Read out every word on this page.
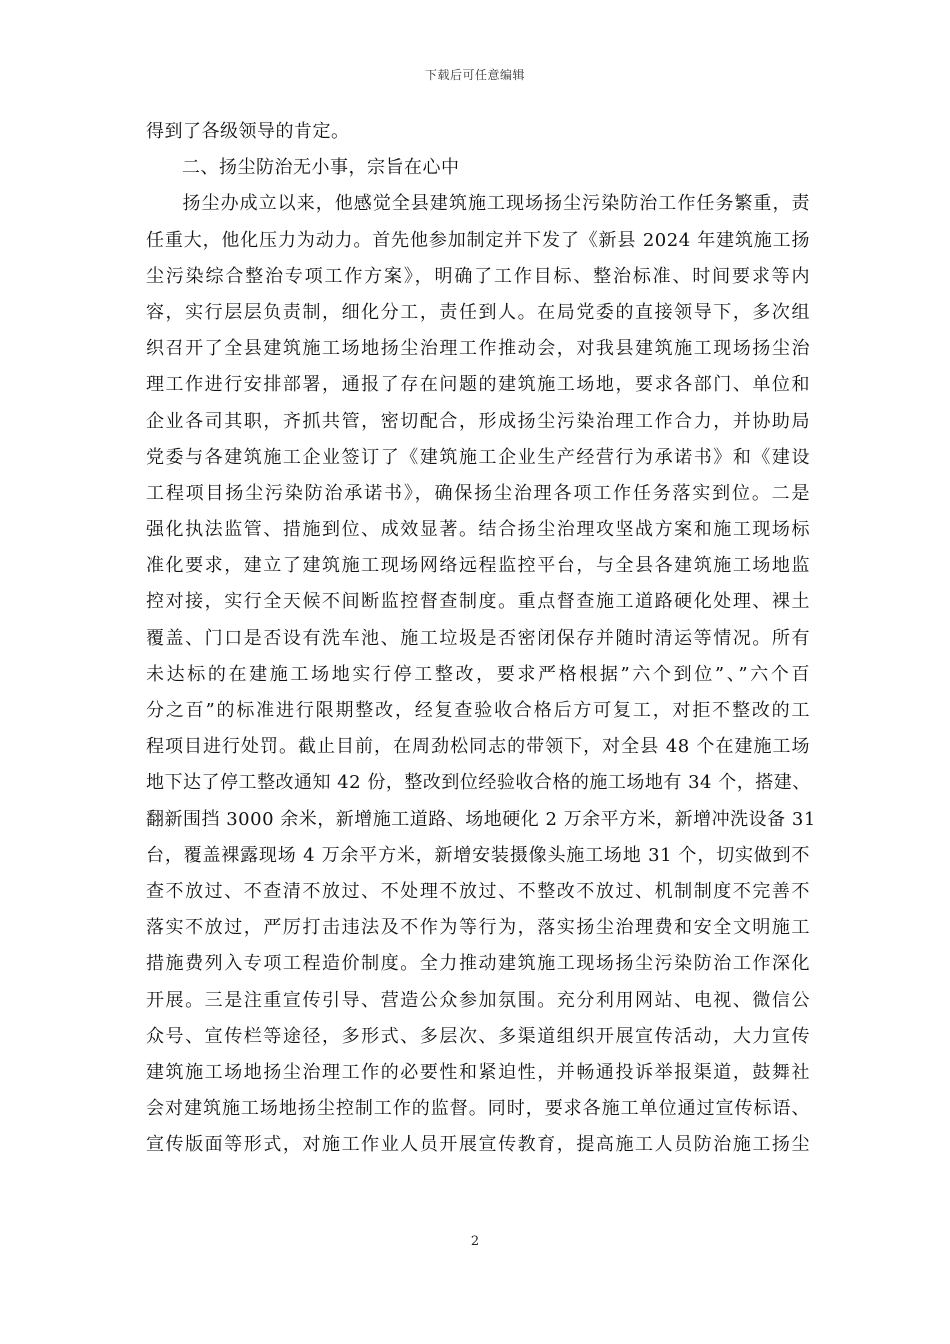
下载后可任意编辑
得到了各级领导的肯定。
二、扬尘防治无小事，宗旨在心中
扬尘办成立以来，他感觉全县建筑施工现场扬尘污染防治工作任务繁重，责
任重大，他化压力为动力。首先他参加制定并下发了《新县 2024 年建筑施工扬
尘污染综合整治专项工作方案》，明确了工作目标、整治标准、时间要求等内
容，实行层层负责制，细化分工，责任到人。在局党委的直接领导下，多次组
织召开了全县建筑施工场地扬尘治理工作推动会，对我县建筑施工现场扬尘治
理工作进行安排部署，通报了存在问题的建筑施工场地，要求各部门、单位和
企业各司其职，齐抓共管，密切配合，形成扬尘污染治理工作合力，并协助局
党委与各建筑施工企业签订了《建筑施工企业生产经营行为承诺书》和《建设
工程项目扬尘污染防治承诺书》，确保扬尘治理各项工作任务落实到位。二是
强化执法监管、措施到位、成效显著。结合扬尘治理攻坚战方案和施工现场标
准化要求，建立了建筑施工现场网络远程监控平台，与全县各建筑施工场地监
控对接，实行全天候不间断监控督查制度。重点督查施工道路硬化处理、裸土
覆盖、门口是否设有洗车池、施工垃圾是否密闭保存并随时清运等情况。所有
未达标的在建施工场地实行停工整改，要求严格根据”六个到位”、”六个百
分之百”的标准进行限期整改，经复查验收合格后方可复工，对拒不整改的工
程项目进行处罚。截止目前，在周劲松同志的带领下，对全县 48 个在建施工场
地下达了停工整改通知 42 份，整改到位经验收合格的施工场地有 34 个，搭建、
翻新围挡 3000 余米，新增施工道路、场地硬化 2 万余平方米，新增冲洗设备 31
台，覆盖裸露现场 4 万余平方米，新增安装摄像头施工场地 31 个，切实做到不
查不放过、不查清不放过、不处理不放过、不整改不放过、机制制度不完善不
落实不放过，严厉打击违法及不作为等行为，落实扬尘治理费和安全文明施工
措施费列入专项工程造价制度。全力推动建筑施工现场扬尘污染防治工作深化
开展。三是注重宣传引导、营造公众参加氛围。充分利用网站、电视、微信公
众号、宣传栏等途径，多形式、多层次、多渠道组织开展宣传活动，大力宣传
建筑施工场地扬尘治理工作的必要性和紧迫性，并畅通投诉举报渠道，鼓舞社
会对建筑施工场地扬尘控制工作的监督。同时，要求各施工单位通过宣传标语、
宣传版面等形式，对施工作业人员开展宣传教育，提高施工人员防治施工扬尘
2
